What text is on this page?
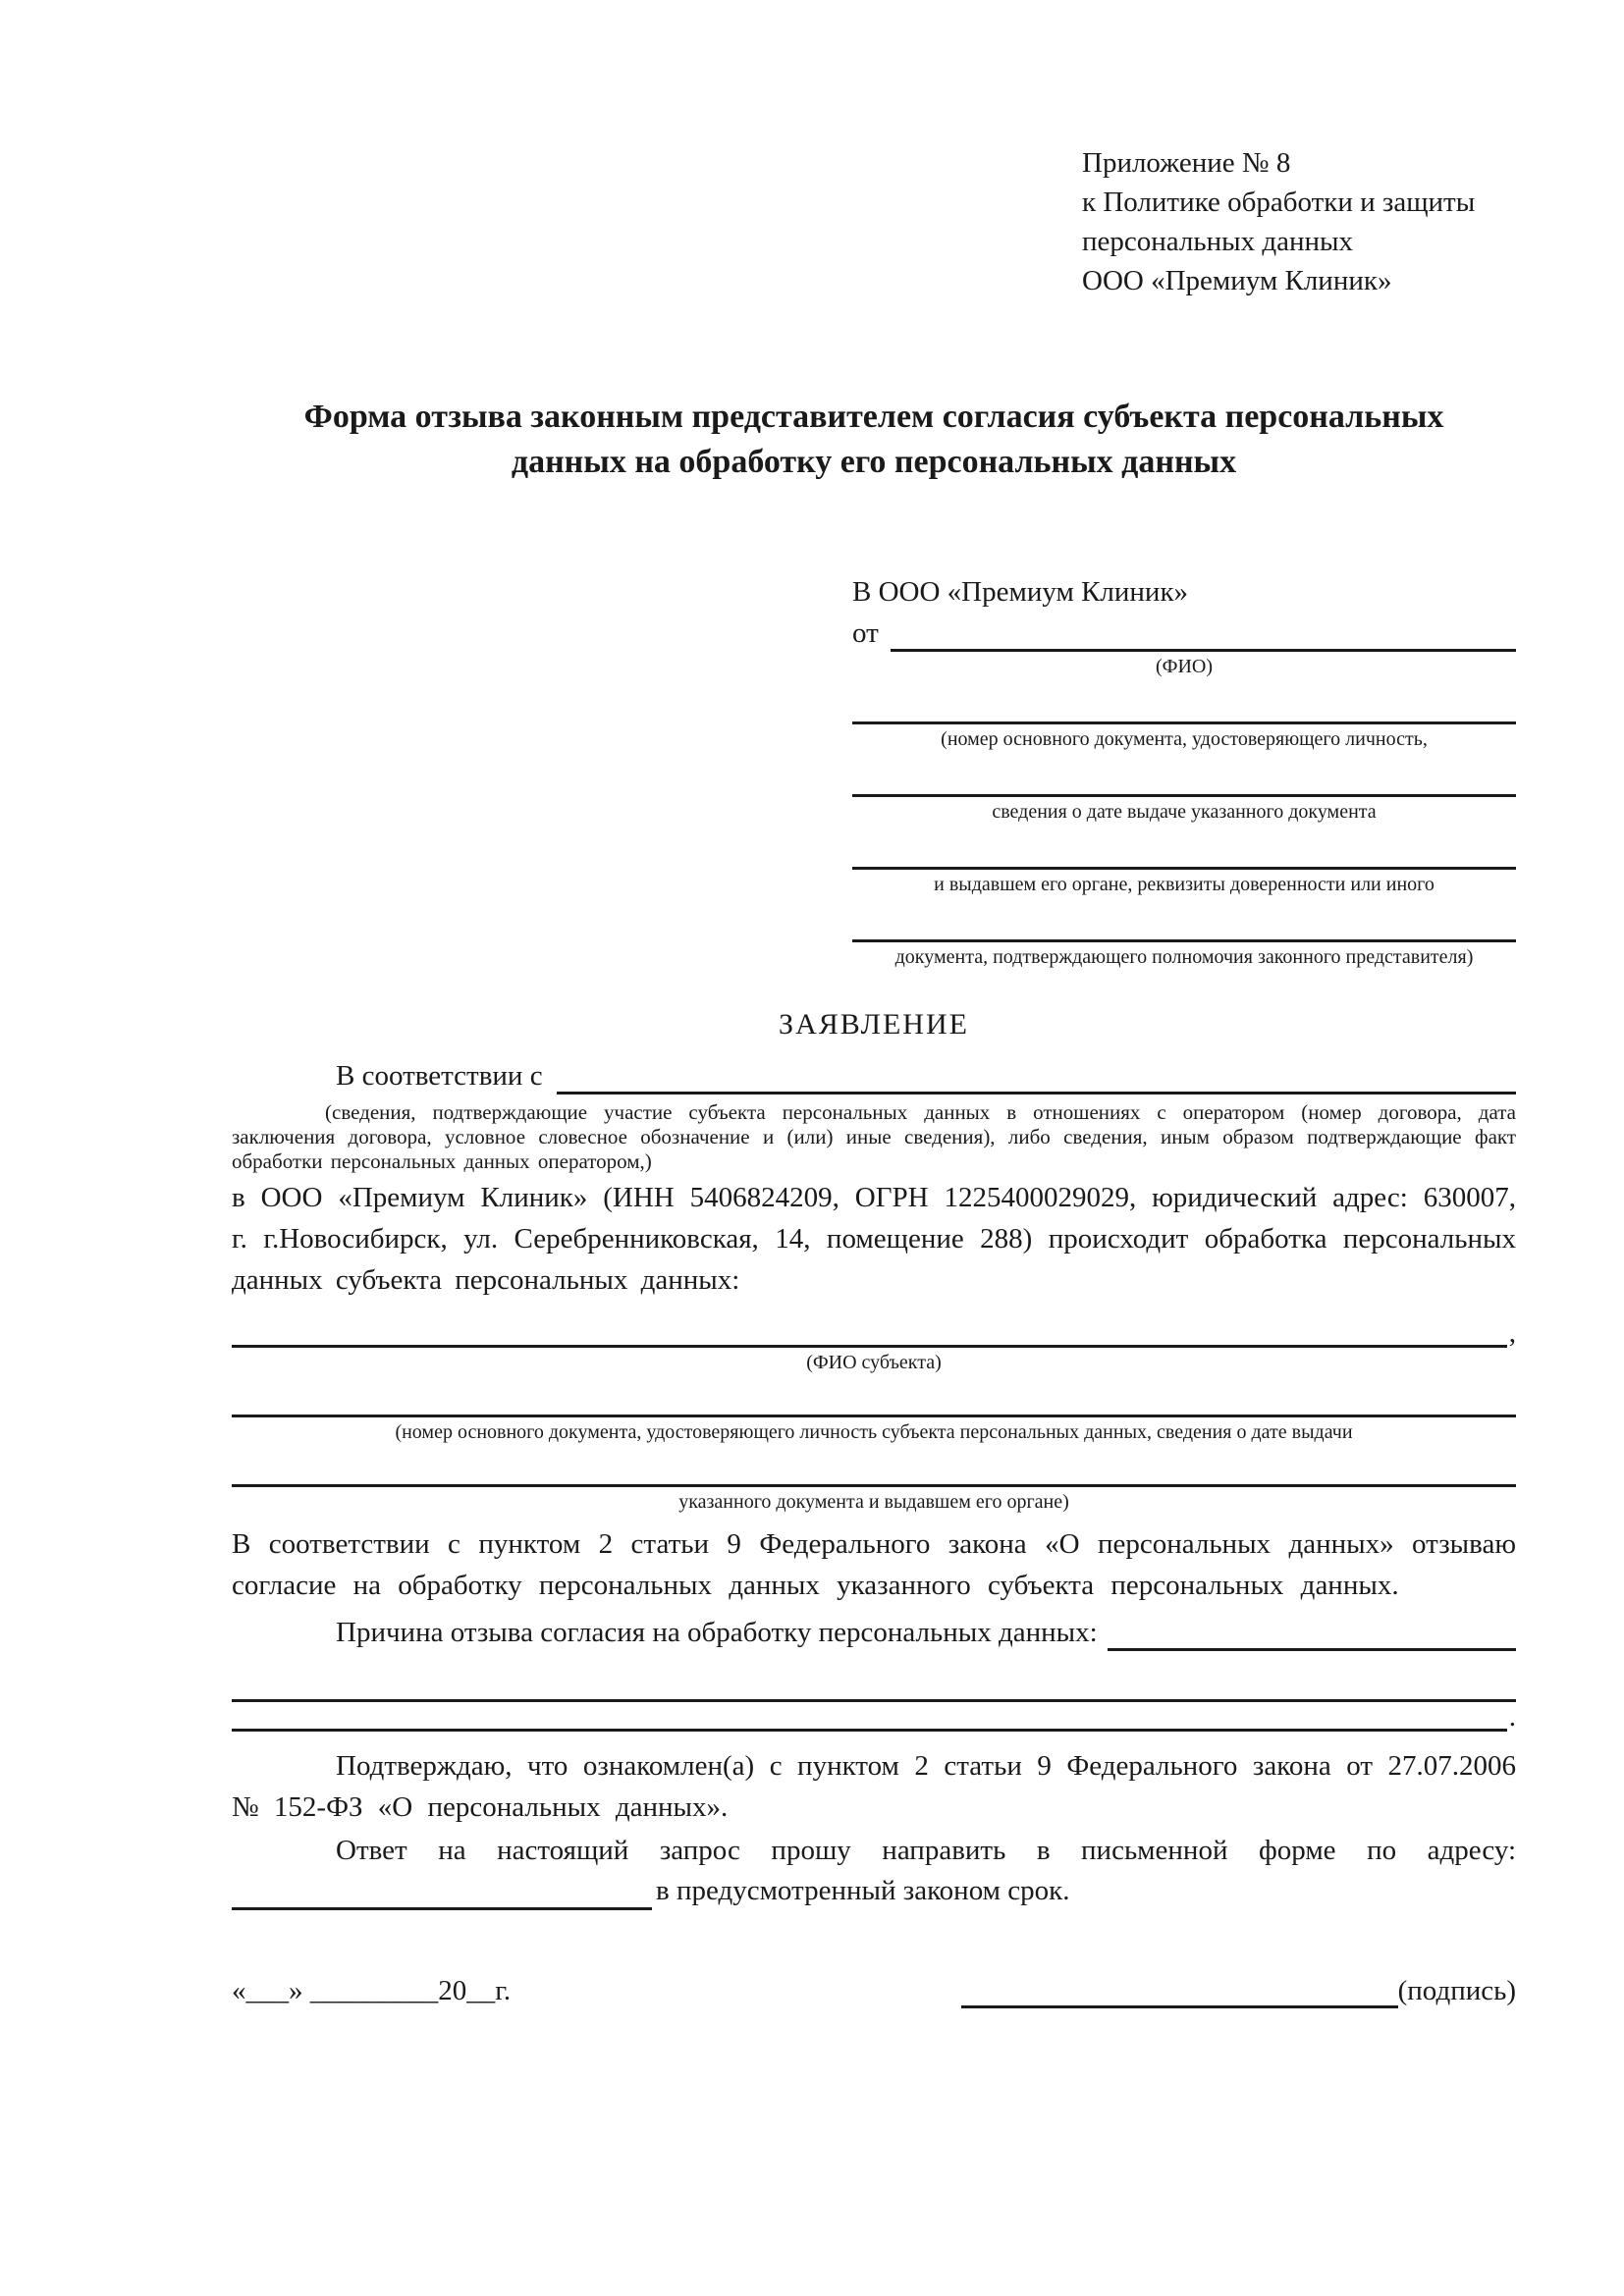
Приложение № 8
к Политике обработки и защиты
персональных данных
ООО «Премиум Клиник»
Форма отзыва законным представителем согласия субъекта персональных данных на обработку его персональных данных
В ООО «Премиум Клиник»
от
(ФИО)
(номер основного документа, удостоверяющего личность,
сведения о дате выдаче указанного документа
и выдавшем его органе, реквизиты доверенности или иного
документа, подтверждающего полномочия законного представителя)
ЗАЯВЛЕНИЕ
В соответствии с

(сведения, подтверждающие участие субъекта персональных данных в отношениях с оператором (номер договора, дата заключения договора, условное словесное обозначение и (или) иные сведения), либо сведения, иным образом подтверждающие факт обработки персональных данных оператором,)

в ООО «Премиум Клиник» (ИНН 5406824209, ОГРН 1225400029029, юридический адрес: 630007, г. г.Новосибирск, ул. Серебренниковская, 14, помещение 288) происходит обработка персональных данных субъекта персональных данных:

,
(ФИО субъекта)
(номер основного документа, удостоверяющего личность субъекта персональных данных, сведения о дате выдачи
указанного документа и выдавшем его органе)

В соответствии с пунктом 2 статьи 9 Федерального закона «О персональных данных» отзываю согласие на обработку персональных данных указанного субъекта персональных данных.

Причина отзыва согласия на обработку персональных данных:
.

Подтверждаю, что ознакомлен(а) с пунктом 2 статьи 9 Федерального закона от 27.07.2006 № 152-ФЗ «О персональных данных».

Ответ на настоящий запрос прошу направить в письменной форме по адресу:

в предусмотренный законом срок.
«___» _________20__г.	(подпись)
